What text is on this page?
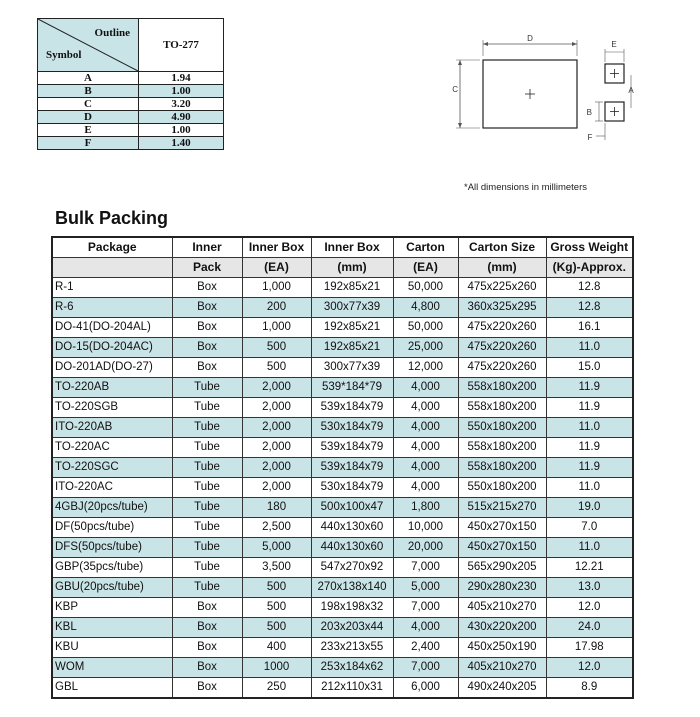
Outline
Symbol	TO-277
A	1.94
B	1.00
C	3.20
D	4.90
E	1.00
F	1.40
D
C
E
A
B
F
*All dimensions in millimeters
Bulk Packing
Package	Inner	Inner Box	Inner Box	Carton	Carton Size	Gross Weight
	Pack	(EA)	(mm)	(EA)	(mm)	(Kg)-Approx.
R-1	Box	1,000	192x85x21	50,000	475x225x260	12.8
R-6	Box	200	300x77x39	4,800	360x325x295	12.8
DO-41(DO-204AL)	Box	1,000	192x85x21	50,000	475x220x260	16.1
DO-15(DO-204AC)	Box	500	192x85x21	25,000	475x220x260	11.0
DO-201AD(DO-27)	Box	500	300x77x39	12,000	475x220x260	15.0
TO-220AB	Tube	2,000	539*184*79	4,000	558x180x200	11.9
TO-220SGB	Tube	2,000	539x184x79	4,000	558x180x200	11.9
ITO-220AB	Tube	2,000	530x184x79	4,000	550x180x200	11.0
TO-220AC	Tube	2,000	539x184x79	4,000	558x180x200	11.9
TO-220SGC	Tube	2,000	539x184x79	4,000	558x180x200	11.9
ITO-220AC	Tube	2,000	530x184x79	4,000	550x180x200	11.0
4GBJ(20pcs/tube)	Tube	180	500x100x47	1,800	515x215x270	19.0
DF(50pcs/tube)	Tube	2,500	440x130x60	10,000	450x270x150	7.0
DFS(50pcs/tube)	Tube	5,000	440x130x60	20,000	450x270x150	11.0
GBP(35pcs/tube)	Tube	3,500	547x270x92	7,000	565x290x205	12.21
GBU(20pcs/tube)	Tube	500	270x138x140	5,000	290x280x230	13.0
KBP	Box	500	198x198x32	7,000	405x210x270	12.0
KBL	Box	500	203x203x44	4,000	430x220x200	24.0
KBU	Box	400	233x213x55	2,400	450x250x190	17.98
WOM	Box	1000	253x184x62	7,000	405x210x270	12.0
GBL	Box	250	212x110x31	6,000	490x240x205	8.9
